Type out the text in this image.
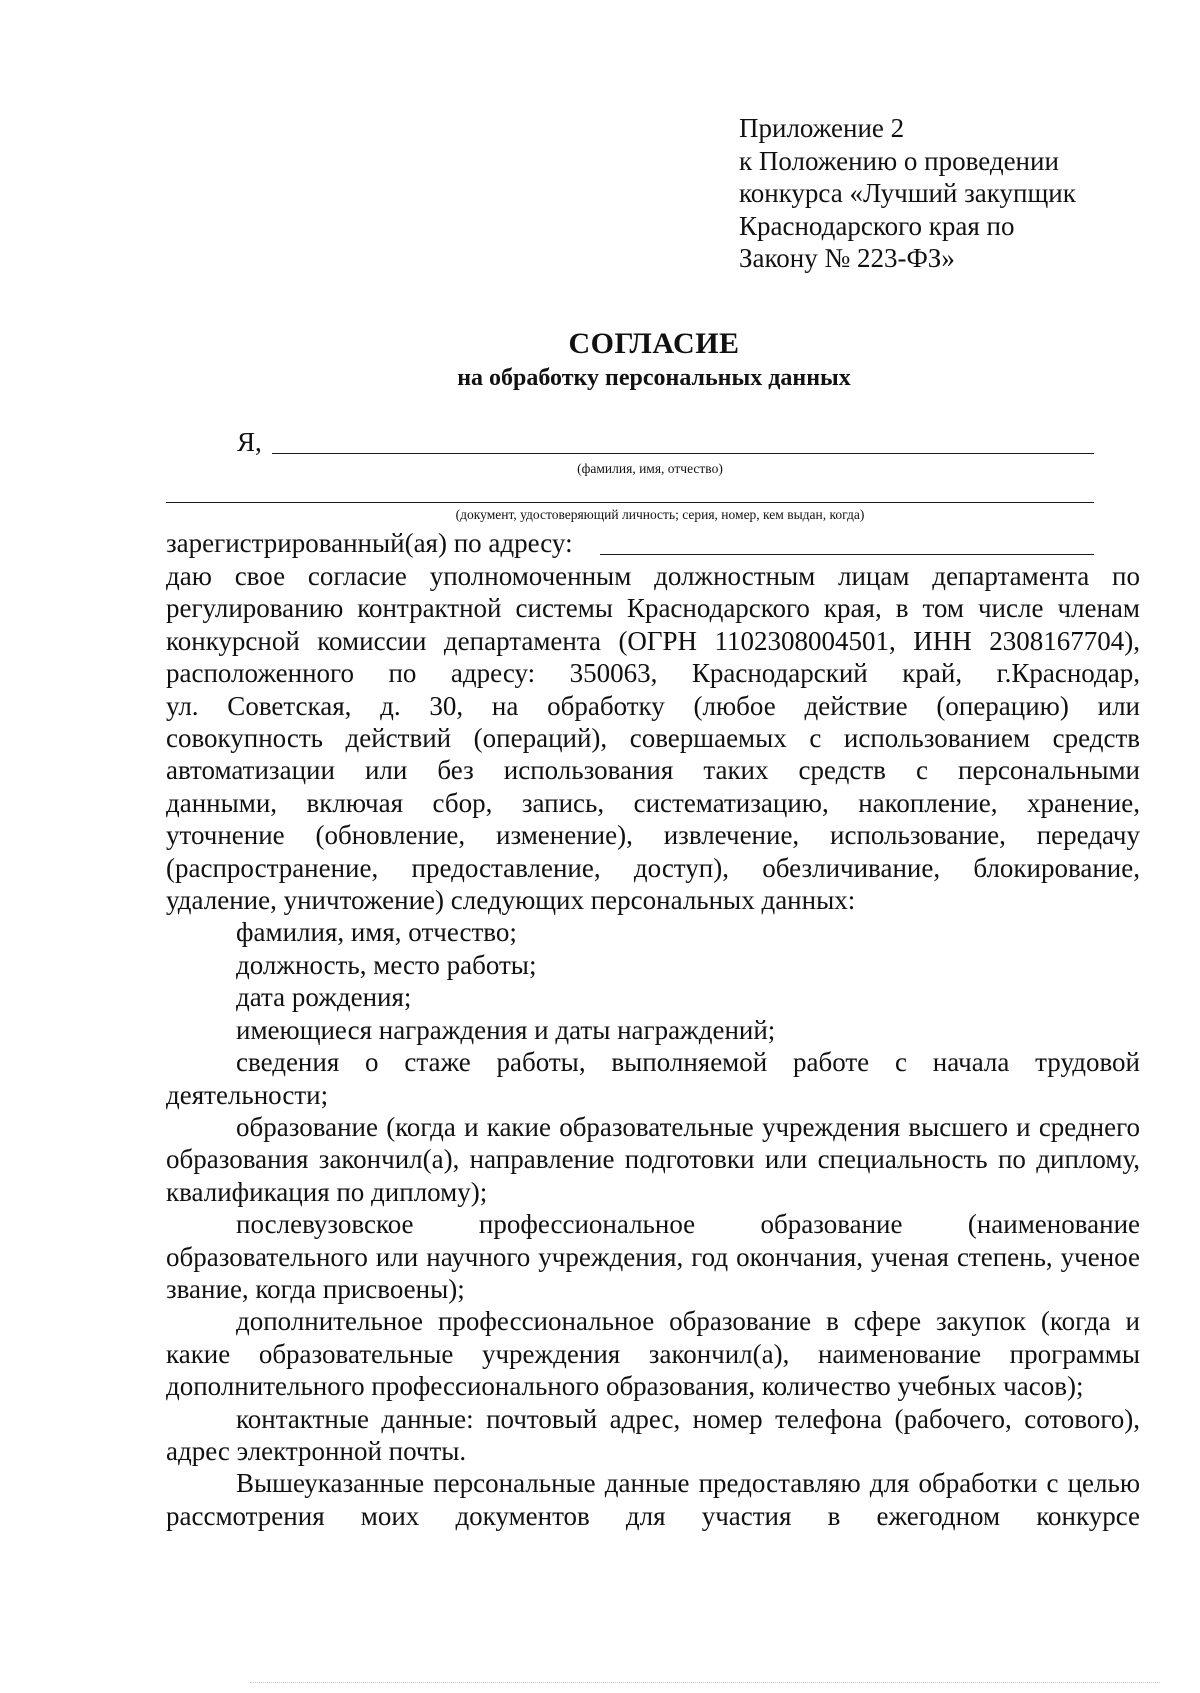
Приложение 2
к Положению о проведении
конкурса «Лучший закупщик
Краснодарского края по
Закону № 223-ФЗ»
СОГЛАСИЕ
на обработку персональных данных
Я,
(фамилия, имя, отчество)
(документ, удостоверяющий личность; серия, номер, кем выдан, когда)
зарегистрированный(ая) по адресу:

даю свое согласие уполномоченным должностным лицам департамента по

регулированию контрактной системы Краснодарского края, в том числе членам

конкурсной комиссии департамента (ОГРН 1102308004501, ИНН 2308167704),

расположенного по адресу: 350063, Краснодарский край, г.Краснодар,

ул. Советская, д. 30, на обработку (любое действие (операцию) или

совокупность действий (операций), совершаемых с использованием средств

автоматизации или без использования таких средств с персональными

данными, включая сбор, запись, систематизацию, накопление, хранение,

уточнение (обновление, изменение), извлечение, использование, передачу

(распространение, предоставление, доступ), обезличивание, блокирование,

удаление, уничтожение) следующих персональных данных:

фамилия, имя, отчество;

должность, место работы;

дата рождения;

имеющиеся награждения и даты награждений;

сведения о стаже работы, выполняемой работе с начала трудовой деятельности;

образование (когда и какие образовательные учреждения высшего и среднего образования закончил(а), направление подготовки или специальность по диплому, квалификация по диплому);

послевузовское профессиональное образование (наименование образовательного или научного учреждения, год окончания, ученая степень, ученое звание, когда присвоены);

дополнительное профессиональное образование в сфере закупок (когда и какие образовательные учреждения закончил(а), наименование программы дополнительного профессионального образования, количество учебных часов);

контактные данные: почтовый адрес, номер телефона (рабочего, сотового), адрес электронной почты.

Вышеуказанные персональные данные предоставляю для обработки с целью рассмотрения моих документов для участия в ежегодном конкурсе
